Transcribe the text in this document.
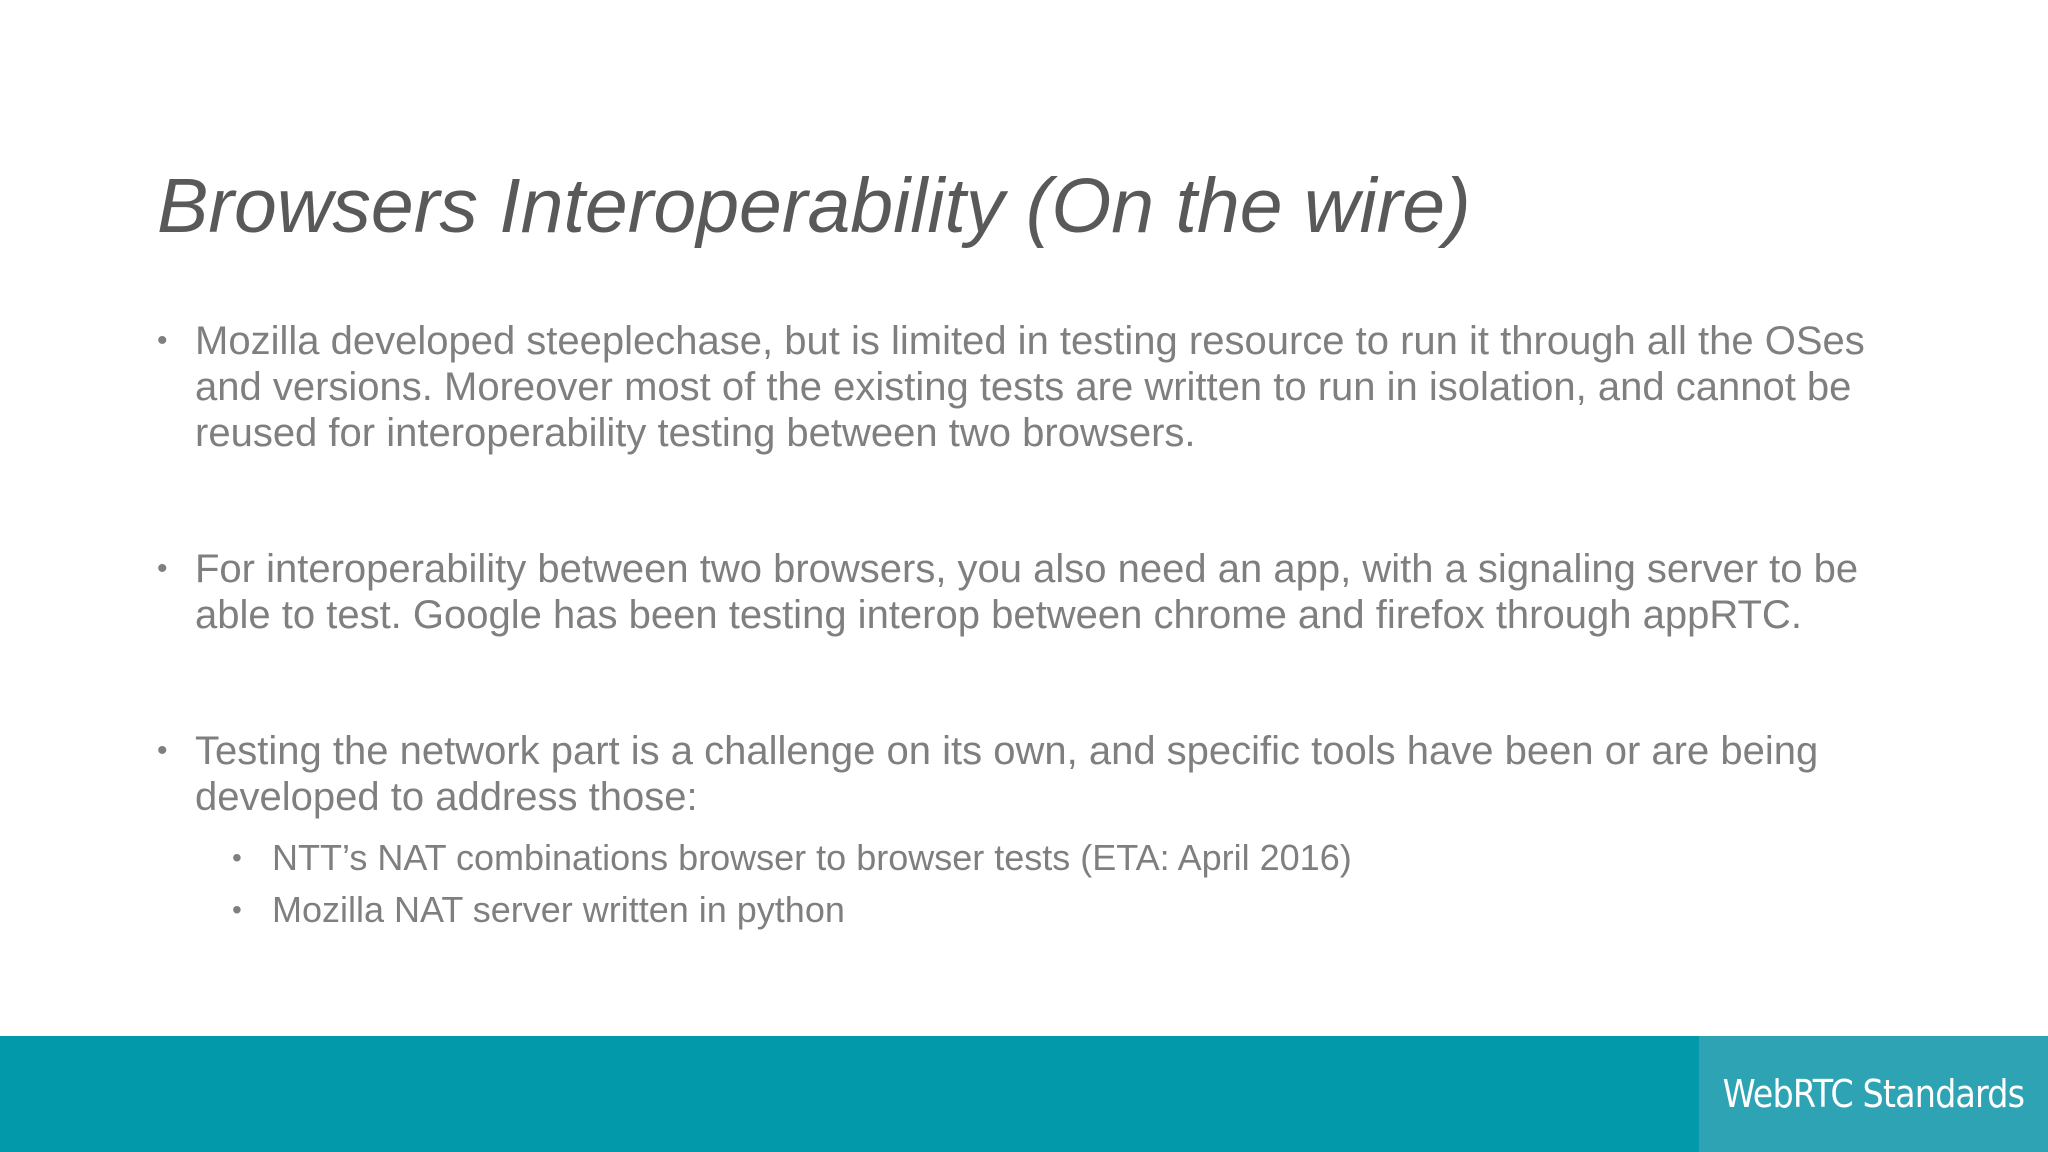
Browsers Interoperability (On the wire)
• Mozilla developed steeplechase, but is limited in testing resource to run it through all the OSes and versions. Moreover most of the existing tests are written to run in isolation, and cannot be reused for interoperability testing between two browsers.
• For interoperability between two browsers, you also need an app, with a signaling server to be able to test. Google has been testing interop between chrome and firefox through appRTC.
• Testing the network part is a challenge on its own, and specific tools have been or are being developed to address those:
• NTT’s NAT combinations browser to browser tests (ETA: April 2016)
• Mozilla NAT server written in python
WebRTC Standards
